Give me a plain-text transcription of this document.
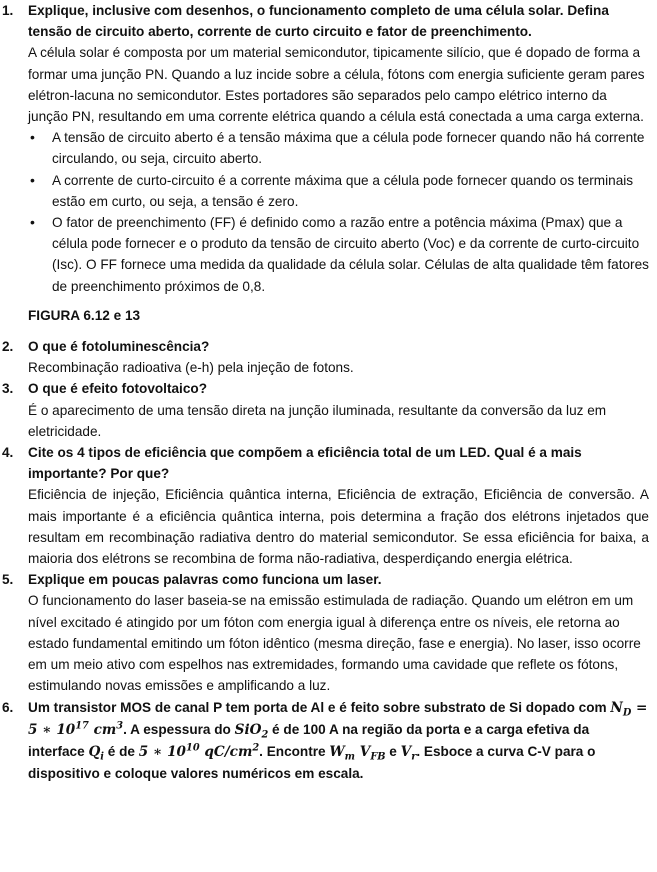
1. Explique, inclusive com desenhos, o funcionamento completo de uma célula solar. Defina tensão de circuito aberto, corrente de curto circuito e fator de preenchimento.
A célula solar é composta por um material semicondutor, tipicamente silício, que é dopado de forma a formar uma junção PN. Quando a luz incide sobre a célula, fótons com energia suficiente geram pares elétron-lacuna no semicondutor. Estes portadores são separados pelo campo elétrico interno da junção PN, resultando em uma corrente elétrica quando a célula está conectada a uma carga externa.
• A tensão de circuito aberto é a tensão máxima que a célula pode fornecer quando não há corrente circulando, ou seja, circuito aberto.
• A corrente de curto-circuito é a corrente máxima que a célula pode fornecer quando os terminais estão em curto, ou seja, a tensão é zero.
• O fator de preenchimento (FF) é definido como a razão entre a potência máxima (Pmax) que a célula pode fornecer e o produto da tensão de circuito aberto (Voc) e da corrente de curto-circuito (Isc). O FF fornece uma medida da qualidade da célula solar. Células de alta qualidade têm fatores de preenchimento próximos de 0,8.
FIGURA 6.12 e 13
2. O que é fotoluminescência?
Recombinação radioativa (e-h) pela injeção de fotons.
3. O que é efeito fotovoltaico?
É o aparecimento de uma tensão direta na junção iluminada, resultante da conversão da luz em eletricidade.
4. Cite os 4 tipos de eficiência que compõem a eficiência total de um LED. Qual é a mais importante? Por que?
Eficiência de injeção, Eficiência quântica interna, Eficiência de extração, Eficiência de conversão. A mais importante é a eficiência quântica interna, pois determina a fração dos elétrons injetados que resultam em recombinação radiativa dentro do material semicondutor. Se essa eficiência for baixa, a maioria dos elétrons se recombina de forma não-radiativa, desperdiçando energia elétrica.
5. Explique em poucas palavras como funciona um laser.
O funcionamento do laser baseia-se na emissão estimulada de radiação. Quando um elétron em um nível excitado é atingido por um fóton com energia igual à diferença entre os níveis, ele retorna ao estado fundamental emitindo um fóton idêntico (mesma direção, fase e energia). No laser, isso ocorre em um meio ativo com espelhos nas extremidades, formando uma cavidade que reflete os fótons, estimulando novas emissões e amplificando a luz.
6. Um transistor MOS de canal P tem porta de Al e é feito sobre substrato de Si dopado com $N_D = 5$ ∗ $10^{17}$ $cm^3$. A espessura do SiO$_2$ é de 100 A na região da porta e a carga efetiva da interface $Q_i$ é de 5 ∗ $10^{10}$ $qC/cm^2$. Encontre $W_m$ $V_{FB}$ e $V_r$. Esboce a curva C-V para o dispositivo e coloque valores numéricos em escala.
